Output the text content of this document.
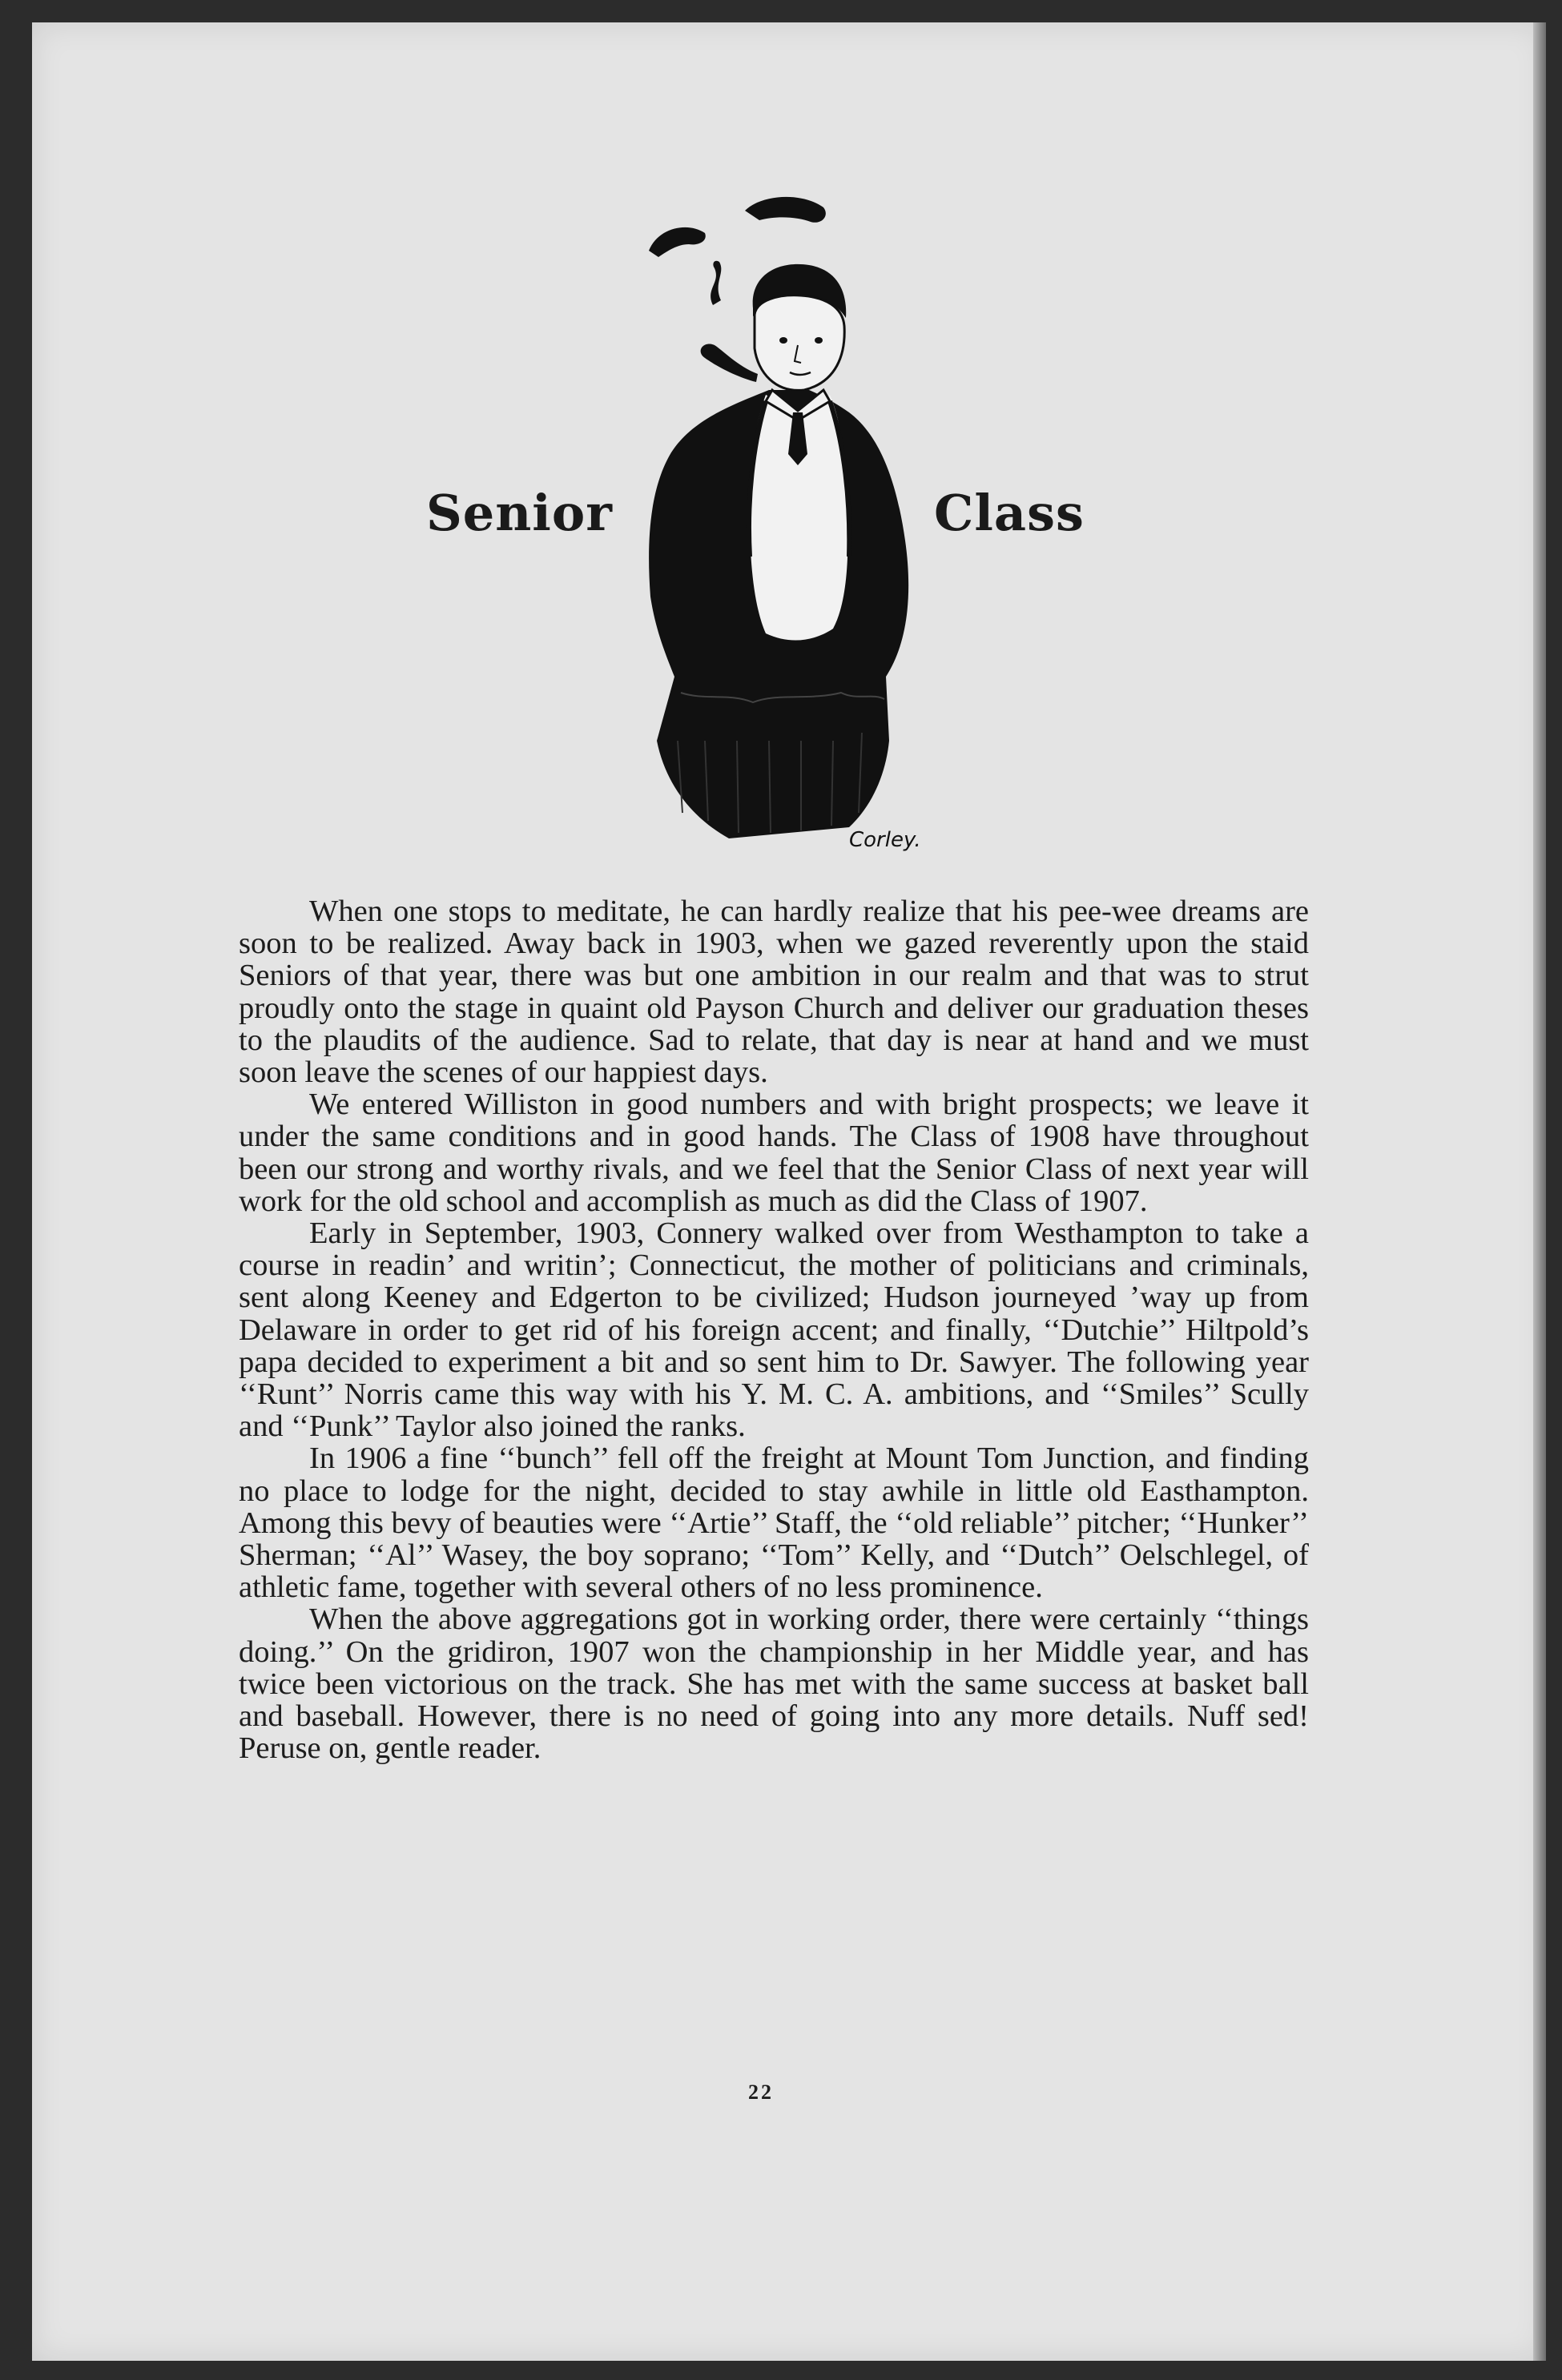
Senior	07
Corley.
Class

When one stops to meditate, he can hardly realize that his pee-wee dreams are soon to be realized. Away back in 1903, when we gazed reverently upon the staid Seniors of that year, there was but one ambition in our realm and that was to strut proudly onto the stage in quaint old Payson Church and deliver our graduation theses to the plaudits of the audience. Sad to relate, that day is near at hand and we must soon leave the scenes of our happiest days.

We entered Williston in good numbers and with bright prospects; we leave it under the same conditions and in good hands. The Class of 1908 have throughout been our strong and worthy rivals, and we feel that the Senior Class of next year will work for the old school and accomplish as much as did the Class of 1907.

Early in September, 1903, Connery walked over from Westhampton to take a course in readin’ and writin’; Connecticut, the mother of politicians and criminals, sent along Keeney and Edgerton to be civilized; Hudson journeyed ’way up from Delaware in order to get rid of his foreign accent; and finally, ‘‘Dutchie’’ Hiltpold’s papa decided to experiment a bit and so sent him to Dr. Sawyer. The following year ‘‘Runt’’ Norris came this way with his Y. M. C. A. ambitions, and ‘‘Smiles’’ Scully and ‘‘Punk’’ Taylor also joined the ranks.

In 1906 a fine ‘‘bunch’’ fell off the freight at Mount Tom Junction, and finding no place to lodge for the night, decided to stay awhile in little old Easthampton. Among this bevy of beauties were ‘‘Artie’’ Staff, the ‘‘old reliable’’ pitcher; ‘‘Hunker’’ Sherman; ‘‘Al’’ Wasey, the boy soprano; ‘‘Tom’’ Kelly, and ‘‘Dutch’’ Oelschlegel, of athletic fame, together with several others of no less prominence.

When the above aggregations got in working order, there were certainly ‘‘things doing.’’ On the gridiron, 1907 won the championship in her Middle year, and has twice been victorious on the track. She has met with the same success at basket ball and baseball. However, there is no need of going into any more details. Nuff sed! Peruse on, gentle reader.

22
